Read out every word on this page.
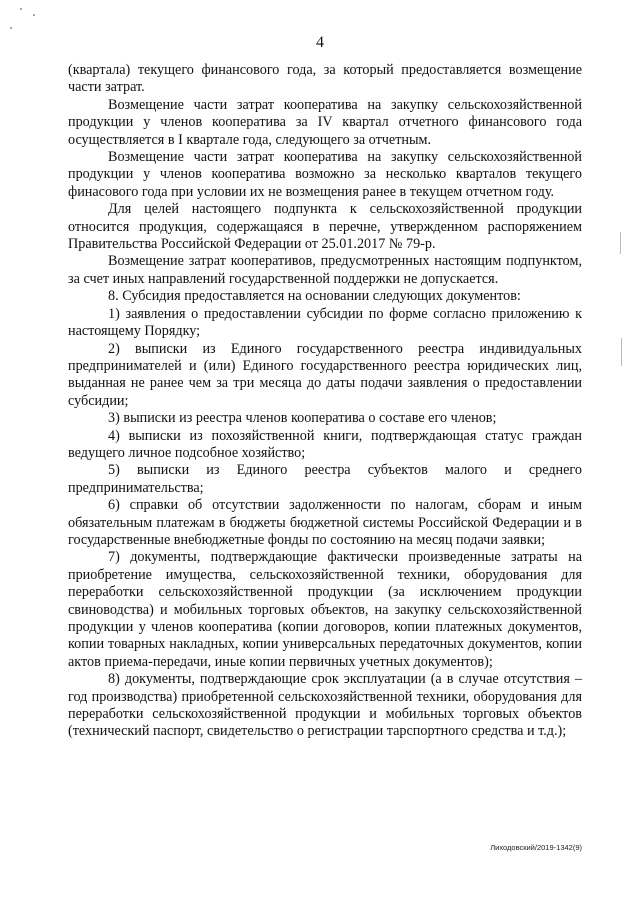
4

(квартала) текущего финансового года, за который предоставляется возмещение части затрат.

Возмещение части затрат кооператива на закупку сельскохозяйственной продукции у членов кооператива за IV квартал отчетного финансового года осуществляется в I квартале года, следующего за отчетным.

Возмещение части затрат кооператива на закупку сельскохозяйственной продукции у членов кооператива возможно за несколько кварталов текущего финасового года при условии их не возмещения ранее в текущем отчетном году.

Для целей настоящего подпункта к сельскохозяйственной продукции относится продукция, содержащаяся в перечне, утвержденном распоряжением Правительства Российской Федерации от 25.01.2017 № 79-р.

Возмещение затрат кооперативов, предусмотренных настоящим подпунктом, за счет иных направлений государственной поддержки не допускается.

8. Субсидия предоставляется на основании следующих документов:

1) заявления о предоставлении субсидии по форме согласно приложению к настоящему Порядку;

2) выписки из Единого государственного реестра индивидуальных предпринимателей и (или) Единого государственного реестра юридических лиц, выданная не ранее чем за три месяца до даты подачи заявления о предоставлении субсидии;

3) выписки из реестра членов кооператива о составе его членов;

4) выписки из похозяйственной книги, подтверждающая статус граждан ведущего личное подсобное хозяйство;

5) выписки из Единого реестра субъектов малого и среднего предпринимательства;

6) справки об отсутствии задолженности по налогам, сборам и иным обязательным платежам в бюджеты бюджетной системы Российской Федерации и в государственные внебюджетные фонды по состоянию на месяц подачи заявки;

7) документы, подтверждающие фактически произведенные затраты на приобретение имущества, сельскохозяйственной техники, оборудования для переработки сельскохозяйственной продукции (за исключением продукции свиноводства) и мобильных торговых объектов, на закупку сельскохозяйственной продукции у членов кооператива (копии договоров, копии платежных документов, копии товарных накладных, копии универсальных передаточных документов, копии актов приема-передачи, иные копии первичных учетных документов);

8) документы, подтверждающие срок эксплуатации (а в случае отсутствия – год производства) приобретенной сельскохозяйственной техники, оборудования для переработки сельскохозяйственной продукции и мобильных торговых объектов (технический паспорт, свидетельство о регистрации тарспортного средства и т.д.);

Лиходовский/2019-1342(9)
